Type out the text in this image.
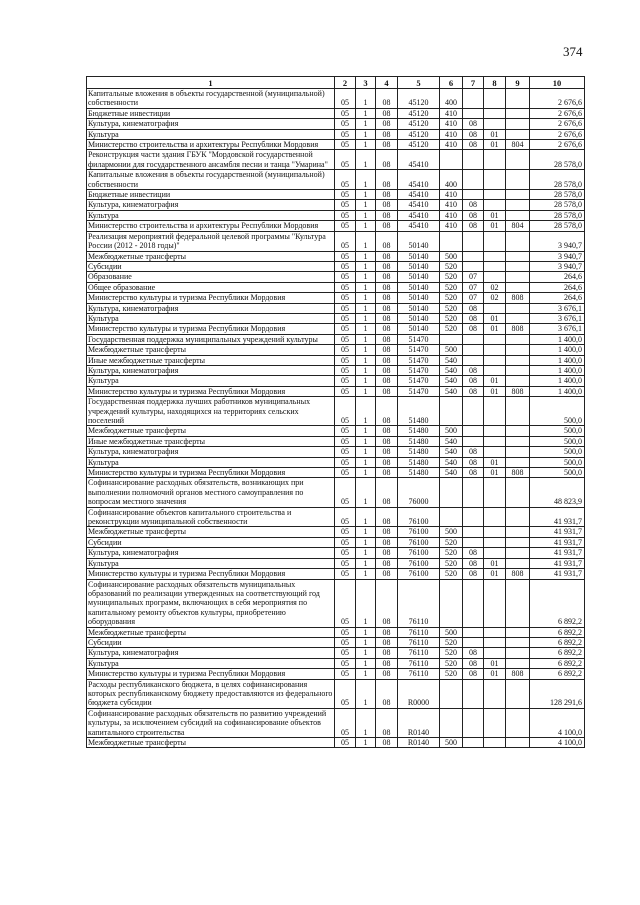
374
1	2	3	4	5	6	7	8	9	10
Капитальные вложения в объекты государственной (муниципальной) собственности	05	1	08	45120	400				2 676,6
Бюджетные инвестиции	05	1	08	45120	410				2 676,6
Культура, кинематография	05	1	08	45120	410	08			2 676,6
Культура	05	1	08	45120	410	08	01		2 676,6
Министерство строительства и архитектуры Республики Мордовия	05	1	08	45120	410	08	01	804	2 676,6
Реконструкция части здания ГБУК "Мордовской государственной филармонии для государственного ансамбля песни и танца "Умарина"	05	1	08	45410					28 578,0
Капитальные вложения в объекты государственной (муниципальной) собственности	05	1	08	45410	400				28 578,0
Бюджетные инвестиции	05	1	08	45410	410				28 578,0
Культура, кинематография	05	1	08	45410	410	08			28 578,0
Культура	05	1	08	45410	410	08	01		28 578,0
Министерство строительства и архитектуры Республики Мордовия	05	1	08	45410	410	08	01	804	28 578,0
Реализация мероприятий федеральной целевой программы "Культура России (2012 - 2018 годы)"	05	1	08	50140					3 940,7
Межбюджетные трансферты	05	1	08	50140	500				3 940,7
Субсидии	05	1	08	50140	520				3 940,7
Образование	05	1	08	50140	520	07			264,6
Общее образование	05	1	08	50140	520	07	02		264,6
Министерство культуры и туризма Республики Мордовия	05	1	08	50140	520	07	02	808	264,6
Культура, кинематография	05	1	08	50140	520	08			3 676,1
Культура	05	1	08	50140	520	08	01		3 676,1
Министерство культуры и туризма Республики Мордовия	05	1	08	50140	520	08	01	808	3 676,1
Государственная поддержка муниципальных учреждений культуры	05	1	08	51470					1 400,0
Межбюджетные трансферты	05	1	08	51470	500				1 400,0
Иные межбюджетные трансферты	05	1	08	51470	540				1 400,0
Культура, кинематография	05	1	08	51470	540	08			1 400,0
Культура	05	1	08	51470	540	08	01		1 400,0
Министерство культуры и туризма Республики Мордовия	05	1	08	51470	540	08	01	808	1 400,0
Государственная поддержка лучших работников муниципальных учреждений культуры, находящихся на территориях сельских поселений	05	1	08	51480					500,0
Межбюджетные трансферты	05	1	08	51480	500				500,0
Иные межбюджетные трансферты	05	1	08	51480	540				500,0
Культура, кинематография	05	1	08	51480	540	08			500,0
Культура	05	1	08	51480	540	08	01		500,0
Министерство культуры и туризма Республики Мордовия	05	1	08	51480	540	08	01	808	500,0
Софинансирование расходных обязательств, возникающих при выполнении полномочий органов местного самоуправления по вопросам местного значения	05	1	08	76000					48 823,9
Софинансирование объектов капитального строительства и реконструкции муниципальной собственности	05	1	08	76100					41 931,7
Межбюджетные трансферты	05	1	08	76100	500				41 931,7
Субсидии	05	1	08	76100	520				41 931,7
Культура, кинематография	05	1	08	76100	520	08			41 931,7
Культура	05	1	08	76100	520	08	01		41 931,7
Министерство культуры и туризма Республики Мордовия	05	1	08	76100	520	08	01	808	41 931,7
Софинансирование расходных обязательств муниципальных образований по реализации утвержденных на соответствующий год муниципальных программ, включающих в себя мероприятия по капитальному ремонту объектов культуры, приобретению оборудования	05	1	08	76110					6 892,2
Межбюджетные трансферты	05	1	08	76110	500				6 892,2
Субсидии	05	1	08	76110	520				6 892,2
Культура, кинематография	05	1	08	76110	520	08			6 892,2
Культура	05	1	08	76110	520	08	01		6 892,2
Министерство культуры и туризма Республики Мордовия	05	1	08	76110	520	08	01	808	6 892,2
Расходы республиканского бюджета, в целях софинансирования которых республиканскому бюджету предоставляются из федерального бюджета субсидии	05	1	08	R0000					128 291,6
Софинансирование расходных обязательств по развитию учреждений культуры, за исключением субсидий на софинансирование объектов капитального строительства	05	1	08	R0140					4 100,0
Межбюджетные трансферты	05	1	08	R0140	500				4 100,0
